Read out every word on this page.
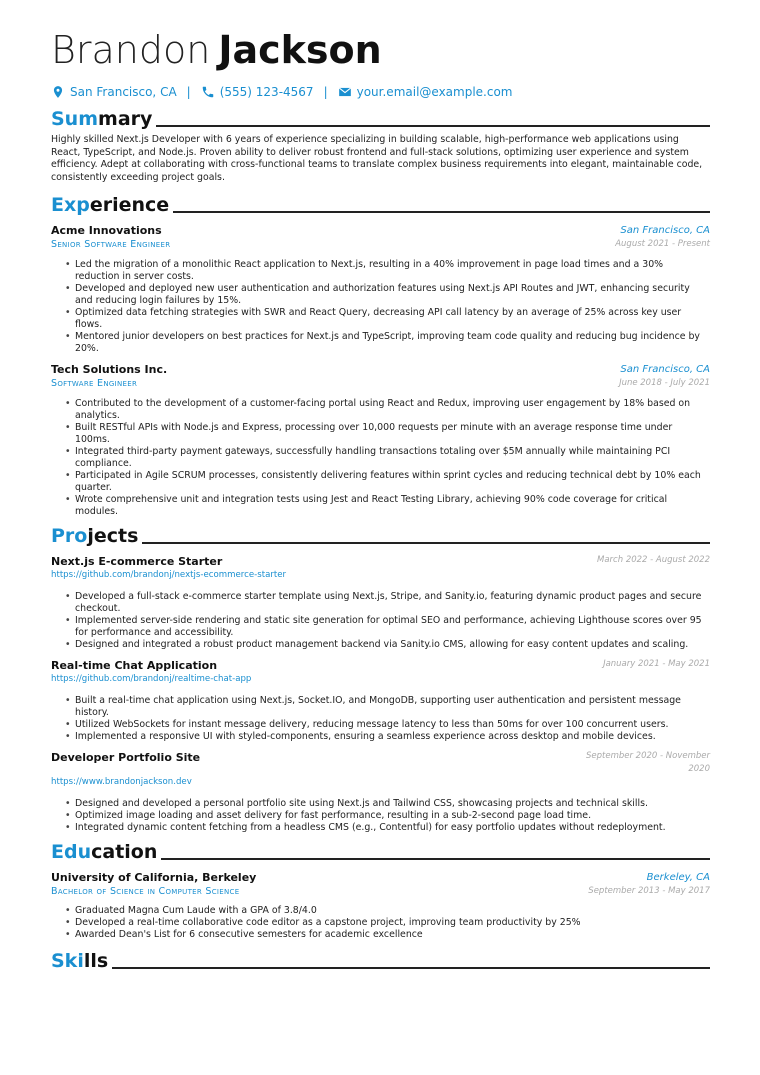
Brandon Jackson
San Francisco, CA | (555) 123-4567 | your.email@example.com
Summary
Highly skilled Next.js Developer with 6 years of experience specializing in building scalable, high-performance web applications using React, TypeScript, and Node.js. Proven ability to deliver robust frontend and full-stack solutions, optimizing user experience and system efficiency. Adept at collaborating with cross-functional teams to translate complex business requirements into elegant, maintainable code, consistently exceeding project goals.
Experience
Acme Innovations	San Francisco, CA
Senior Software Engineer	August 2021 - Present
• Led the migration of a monolithic React application to Next.js, resulting in a 40% improvement in page load times and a 30% reduction in server costs.
• Developed and deployed new user authentication and authorization features using Next.js API Routes and JWT, enhancing security and reducing login failures by 15%.
• Optimized data fetching strategies with SWR and React Query, decreasing API call latency by an average of 25% across key user flows.
• Mentored junior developers on best practices for Next.js and TypeScript, improving team code quality and reducing bug incidence by 20%.
Tech Solutions Inc.	San Francisco, CA
Software Engineer	June 2018 - July 2021
• Contributed to the development of a customer-facing portal using React and Redux, improving user engagement by 18% based on analytics.
• Built RESTful APIs with Node.js and Express, processing over 10,000 requests per minute with an average response time under 100ms.
• Integrated third-party payment gateways, successfully handling transactions totaling over $5M annually while maintaining PCI compliance.
• Participated in Agile SCRUM processes, consistently delivering features within sprint cycles and reducing technical debt by 10% each quarter.
• Wrote comprehensive unit and integration tests using Jest and React Testing Library, achieving 90% code coverage for critical modules.
Projects
Next.js E-commerce Starter	March 2022 - August 2022
https://github.com/brandonj/nextjs-ecommerce-starter
• Developed a full-stack e-commerce starter template using Next.js, Stripe, and Sanity.io, featuring dynamic product pages and secure checkout.
• Implemented server-side rendering and static site generation for optimal SEO and performance, achieving Lighthouse scores over 95 for performance and accessibility.
• Designed and integrated a robust product management backend via Sanity.io CMS, allowing for easy content updates and scaling.
Real-time Chat Application	January 2021 - May 2021
https://github.com/brandonj/realtime-chat-app
• Built a real-time chat application using Next.js, Socket.IO, and MongoDB, supporting user authentication and persistent message history.
• Utilized WebSockets for instant message delivery, reducing message latency to less than 50ms for over 100 concurrent users.
• Implemented a responsive UI with styled-components, ensuring a seamless experience across desktop and mobile devices.
Developer Portfolio Site	September 2020 - November 2020
https://www.brandonjackson.dev
• Designed and developed a personal portfolio site using Next.js and Tailwind CSS, showcasing projects and technical skills.
• Optimized image loading and asset delivery for fast performance, resulting in a sub-2-second page load time.
• Integrated dynamic content fetching from a headless CMS (e.g., Contentful) for easy portfolio updates without redeployment.
Education
University of California, Berkeley	Berkeley, CA
Bachelor of Science in Computer Science	September 2013 - May 2017
• Graduated Magna Cum Laude with a GPA of 3.8/4.0
• Developed a real-time collaborative code editor as a capstone project, improving team productivity by 25%
• Awarded Dean's List for 6 consecutive semesters for academic excellence
Skills
